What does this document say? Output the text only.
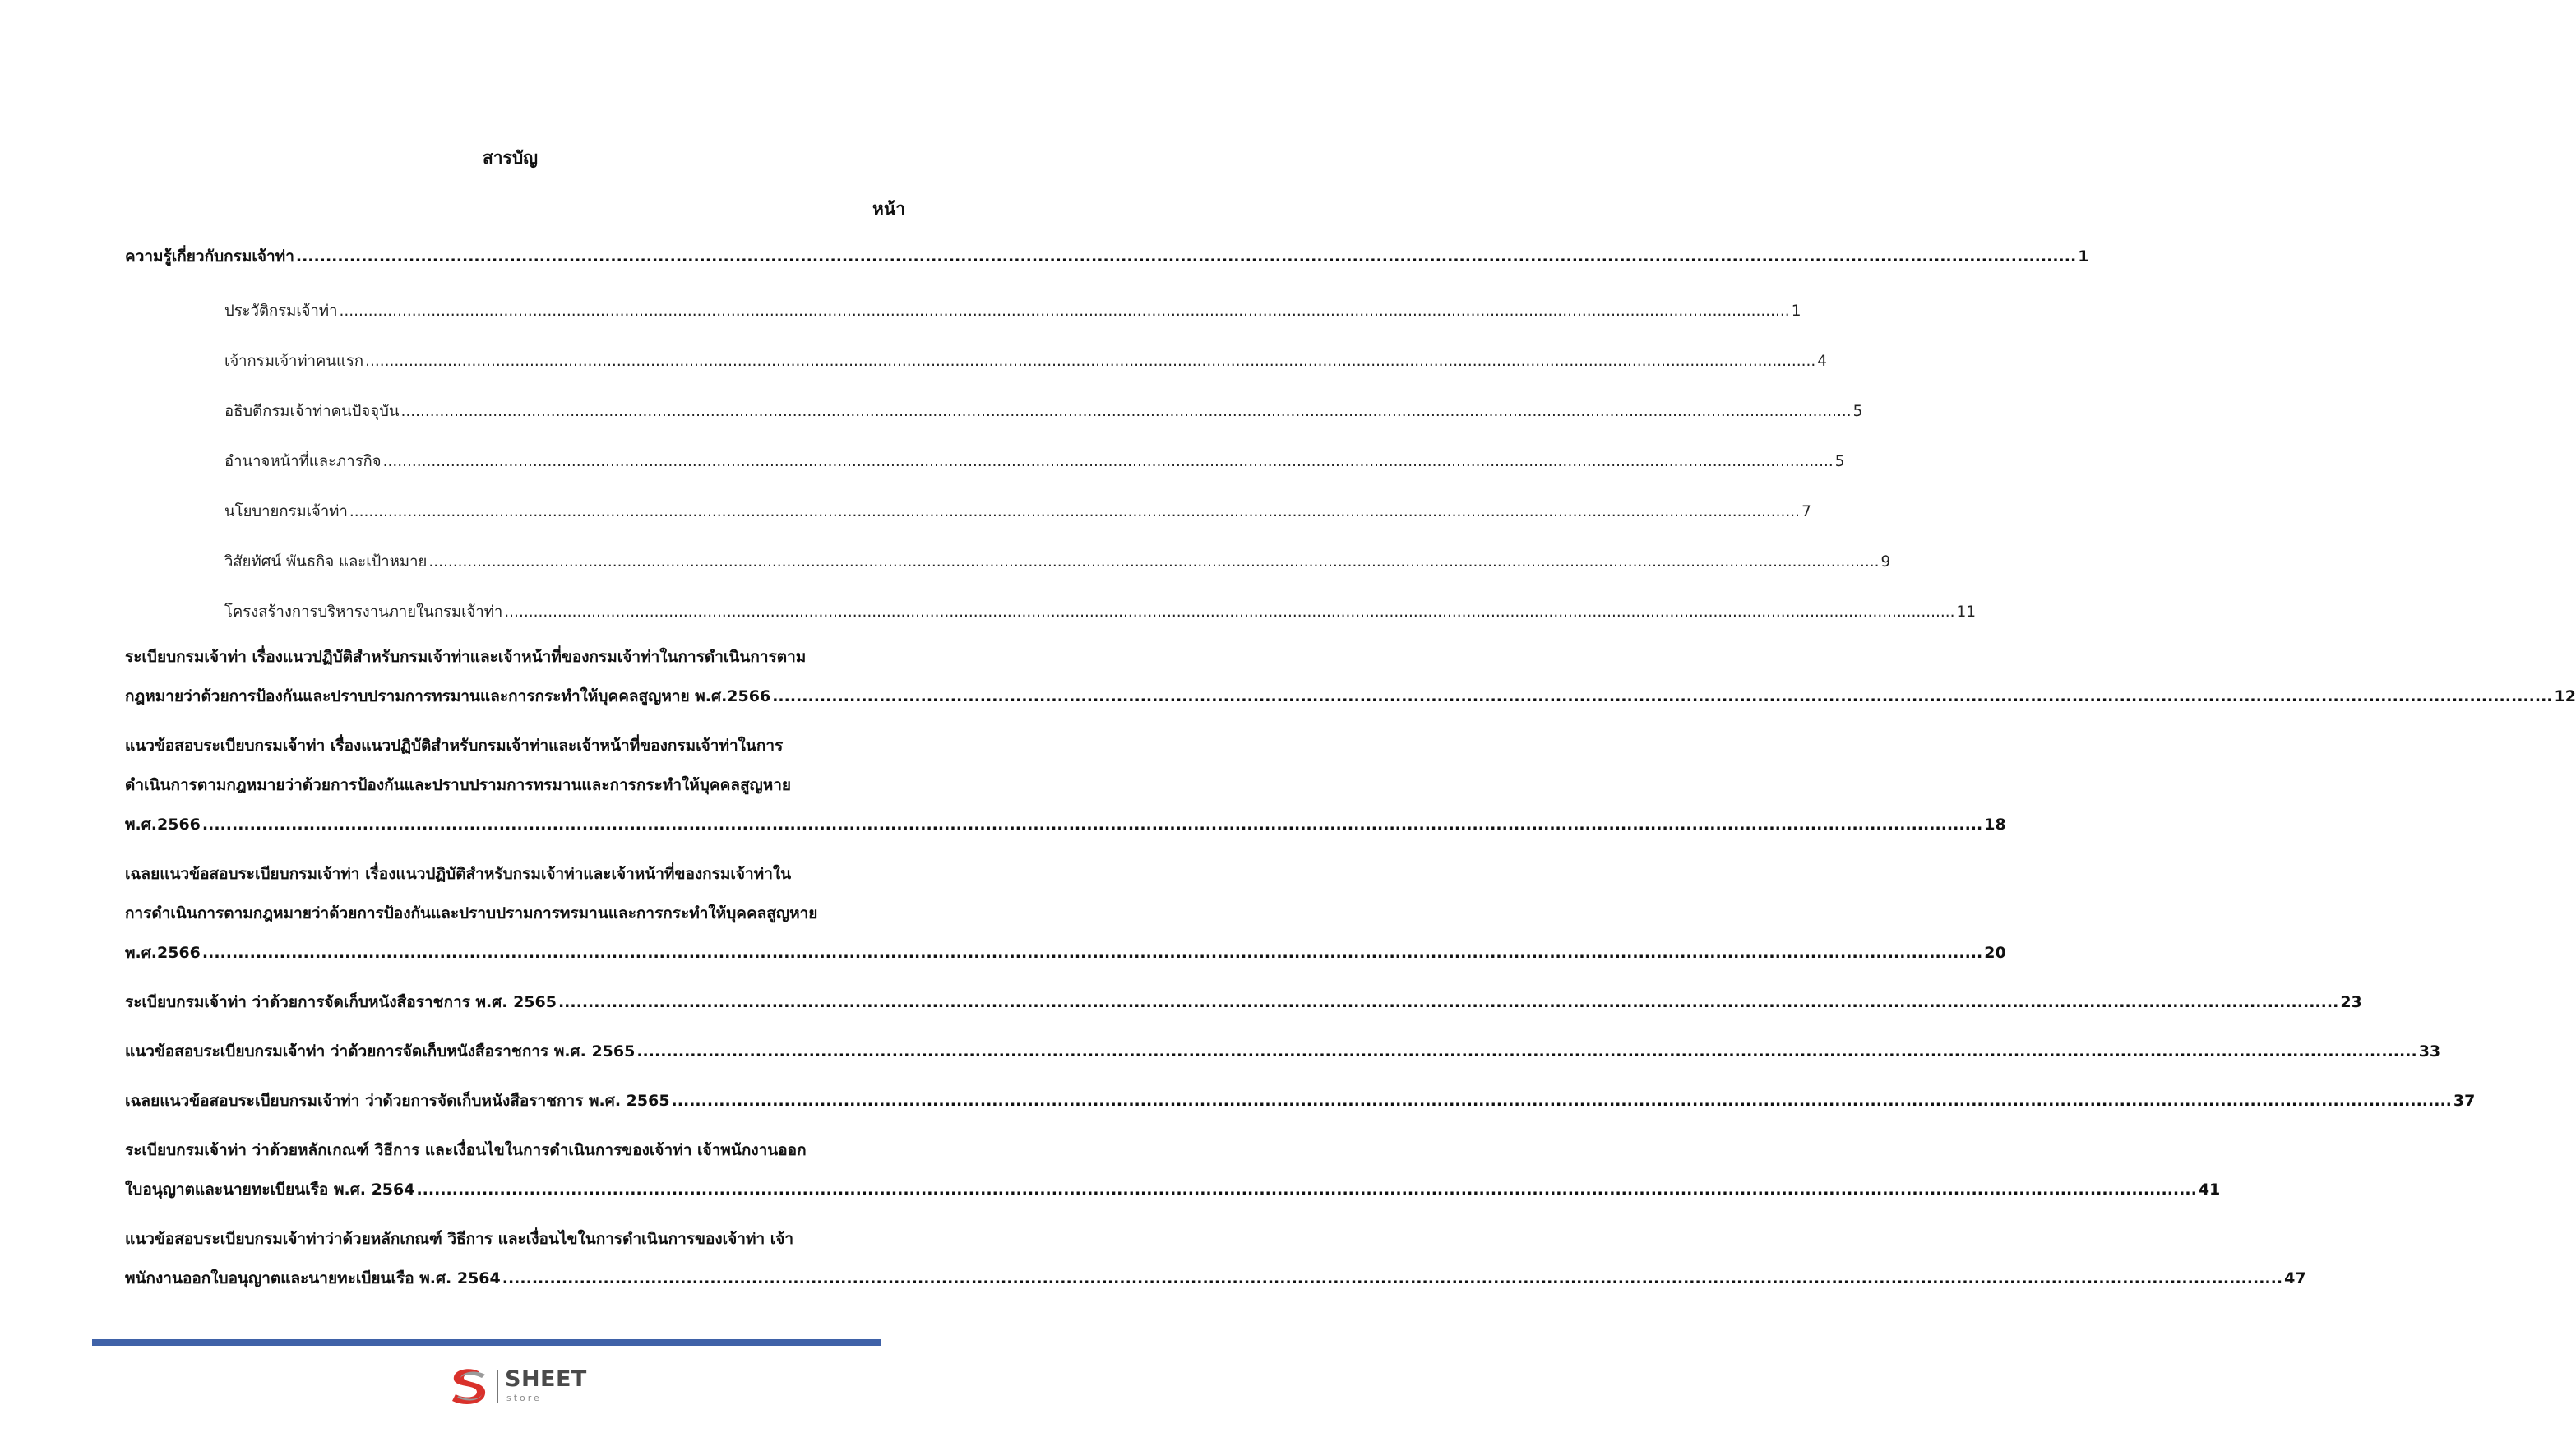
สารบัญ
หน้า
ความรู้เกี่ยวกับกรมเจ้าท่า ............................................................................................................................................................................................................................................................................................................ 1
ประวัติกรมเจ้าท่า ............................................................................................................................................................................................................................................................................................................ 1
เจ้ากรมเจ้าท่าคนแรก ............................................................................................................................................................................................................................................................................................................ 4
อธิบดีกรมเจ้าท่าคนปัจจุบัน ............................................................................................................................................................................................................................................................................................................ 5
อำนาจหน้าที่และภารกิจ ............................................................................................................................................................................................................................................................................................................ 5
นโยบายกรมเจ้าท่า ............................................................................................................................................................................................................................................................................................................ 7
วิสัยทัศน์ พันธกิจ และเป้าหมาย ............................................................................................................................................................................................................................................................................................................ 9
โครงสร้างการบริหารงานภายในกรมเจ้าท่า ............................................................................................................................................................................................................................................................................................................ 11
ระเบียบกรมเจ้าท่า เรื่องแนวปฏิบัติสำหรับกรมเจ้าท่าและเจ้าหน้าที่ของกรมเจ้าท่าในการดำเนินการตาม
กฎหมายว่าด้วยการป้องกันและปราบปรามการทรมานและการกระทำให้บุคคลสูญหาย พ.ศ.2566 ............................................................................................................................................................................................................................................................................................................ 12
แนวข้อสอบระเบียบกรมเจ้าท่า เรื่องแนวปฏิบัติสำหรับกรมเจ้าท่าและเจ้าหน้าที่ของกรมเจ้าท่าในการ
ดำเนินการตามกฎหมายว่าด้วยการป้องกันและปราบปรามการทรมานและการกระทำให้บุคคลสูญหาย
พ.ศ.2566 ............................................................................................................................................................................................................................................................................................................ 18
เฉลยแนวข้อสอบระเบียบกรมเจ้าท่า เรื่องแนวปฏิบัติสำหรับกรมเจ้าท่าและเจ้าหน้าที่ของกรมเจ้าท่าใน
การดำเนินการตามกฎหมายว่าด้วยการป้องกันและปราบปรามการทรมานและการกระทำให้บุคคลสูญหาย
พ.ศ.2566 ............................................................................................................................................................................................................................................................................................................ 20
ระเบียบกรมเจ้าท่า ว่าด้วยการจัดเก็บหนังสือราชการ พ.ศ. 2565 ............................................................................................................................................................................................................................................................................................................ 23
แนวข้อสอบระเบียบกรมเจ้าท่า ว่าด้วยการจัดเก็บหนังสือราชการ พ.ศ. 2565 ............................................................................................................................................................................................................................................................................................................ 33
เฉลยแนวข้อสอบระเบียบกรมเจ้าท่า ว่าด้วยการจัดเก็บหนังสือราชการ พ.ศ. 2565 ............................................................................................................................................................................................................................................................................................................ 37
ระเบียบกรมเจ้าท่า ว่าด้วยหลักเกณฑ์ วิธีการ และเงื่อนไขในการดำเนินการของเจ้าท่า เจ้าพนักงานออก
ใบอนุญาตและนายทะเบียนเรือ พ.ศ. 2564 ............................................................................................................................................................................................................................................................................................................ 41
แนวข้อสอบระเบียบกรมเจ้าท่าว่าด้วยหลักเกณฑ์ วิธีการ และเงื่อนไขในการดำเนินการของเจ้าท่า เจ้า
พนักงานออกใบอนุญาตและนายทะเบียนเรือ พ.ศ. 2564 ............................................................................................................................................................................................................................................................................................................ 47
SHEET
store
